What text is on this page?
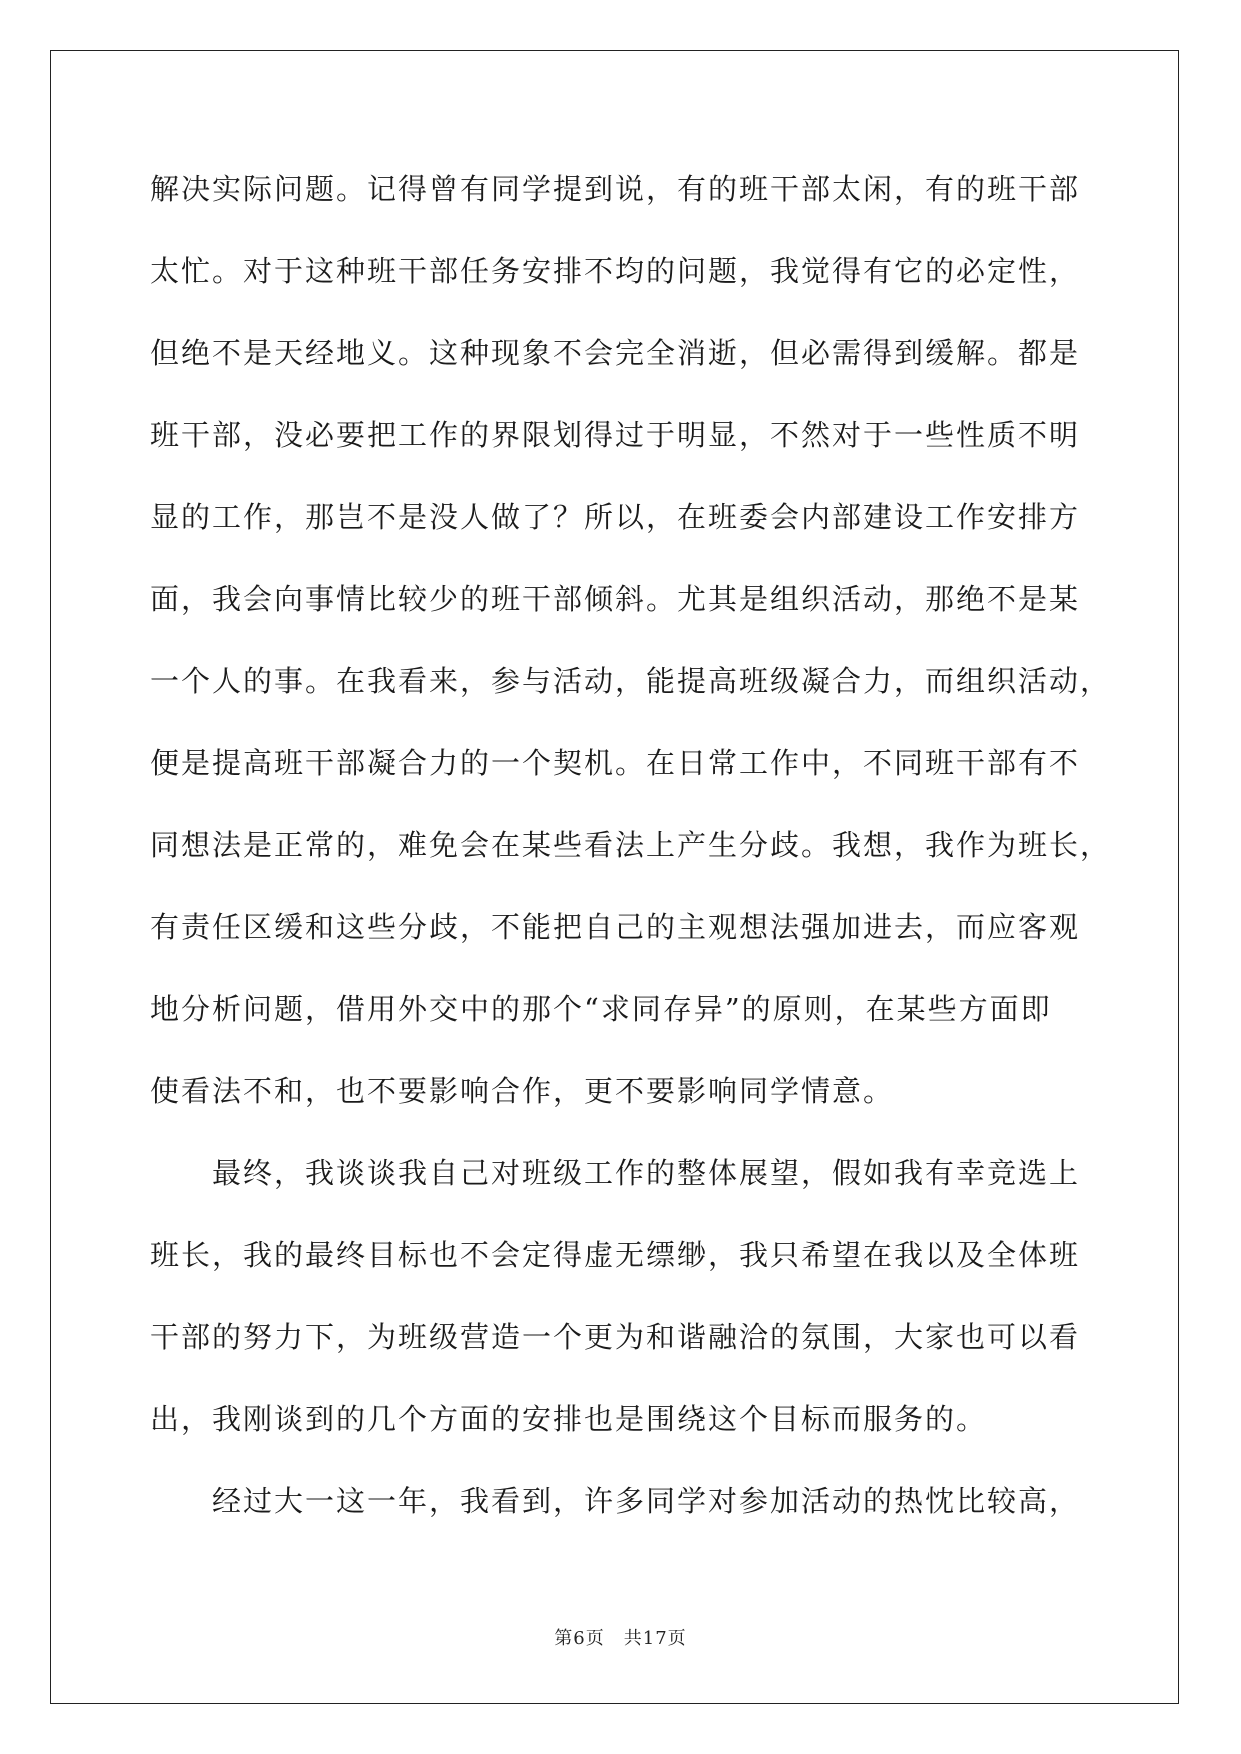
解决实际问题。记得曾有同学提到说，有的班干部太闲，有的班干部
太忙。对于这种班干部任务安排不均的问题，我觉得有它的必定性，
但绝不是天经地义。这种现象不会完全消逝，但必需得到缓解。都是
班干部，没必要把工作的界限划得过于明显，不然对于一些性质不明
显的工作，那岂不是没人做了？所以，在班委会内部建设工作安排方
面，我会向事情比较少的班干部倾斜。尤其是组织活动，那绝不是某
一个人的事。在我看来，参与活动，能提高班级凝合力，而组织活动，
便是提高班干部凝合力的一个契机。在日常工作中，不同班干部有不
同想法是正常的，难免会在某些看法上产生分歧。我想，我作为班长，
有责任区缓和这些分歧，不能把自己的主观想法强加进去，而应客观
地分析问题，借用外交中的那个“求同存异”的原则，在某些方面即
使看法不和，也不要影响合作，更不要影响同学情意。
　　最终，我谈谈我自己对班级工作的整体展望，假如我有幸竞选上
班长，我的最终目标也不会定得虚无缥缈，我只希望在我以及全体班
干部的努力下，为班级营造一个更为和谐融洽的氛围，大家也可以看
出，我刚谈到的几个方面的安排也是围绕这个目标而服务的。
　　经过大一这一年，我看到，许多同学对参加活动的热忱比较高，
第6页　共17页
